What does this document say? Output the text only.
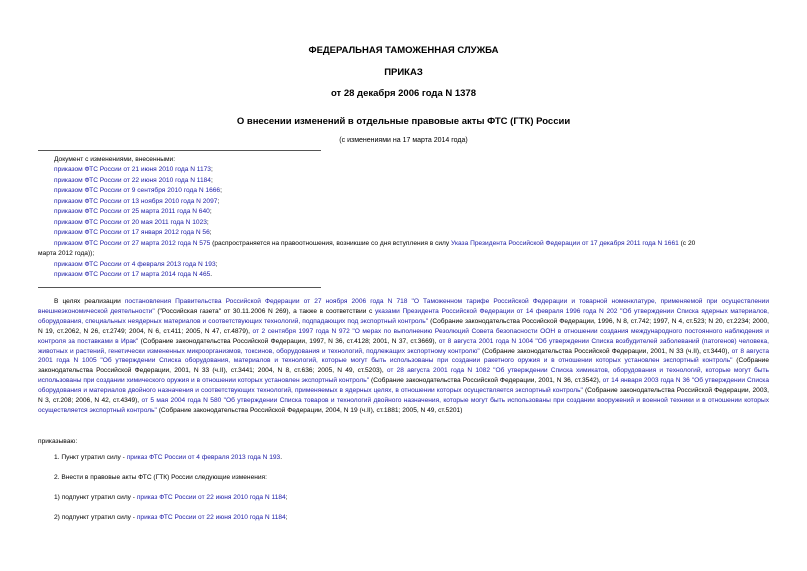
ФЕДЕРАЛЬНАЯ ТАМОЖЕННАЯ СЛУЖБА
ПРИКАЗ
от 28 декабря 2006 года N 1378
О внесении изменений в отдельные правовые акты ФТС (ГТК) России
(с изменениями на 17 марта 2014 года)
Документ с изменениями, внесенными:
приказом ФТС России от 21 июня 2010 года N 1173;
приказом ФТС России от 22 июня 2010 года N 1184;
приказом ФТС России от 9 сентября 2010 года N 1666;
приказом ФТС России от 13 ноября 2010 года N 2097;
приказом ФТС России от 25 марта 2011 года N 640;
приказом ФТС России от 20 мая 2011 года N 1023;
приказом ФТС России от 17 января 2012 года N 56;
приказом ФТС России от 27 марта 2012 года N 575 (распространяется на правоотношения, возникшие со дня вступления в силу Указа Президента Российской Федерации от 17 декабря 2011 года N 1661 (с 20
марта 2012 года));
приказом ФТС России от 4 февраля 2013 года N 193;
приказом ФТС России от 17 марта 2014 года N 465.

В целях реализации постановления Правительства Российской Федерации от 27 ноября 2006 года N 718 "О Таможенном тарифе Российской Федерации и товарной номенклатуре, применяемой при осуществлении внешнеэкономической деятельности" ("Российская газета" от 30.11.2006 N 269), а также в соответствии с указами Президента Российской Федерации от 14 февраля 1996 года N 202 "Об утверждении Списка ядерных материалов, оборудования, специальных неядерных материалов и соответствующих технологий, подпадающих под экспортный контроль" (Собрание законодательства Российской Федерации, 1996, N 8, ст.742; 1997, N 4, ст.523; N 20, ст.2234; 2000, N 19, ст.2062, N 26, ст.2749; 2004, N 6, ст.411; 2005, N 47, ст.4879), от 2 сентября 1997 года N 972 "О мерах по выполнению Резолюций Совета безопасности ООН в отношении создания международного постоянного наблюдения и контроля за поставками в Ирак" (Собрание законодательства Российской Федерации, 1997, N 36, ст.4128; 2001, N 37, ст.3669), от 8 августа 2001 года N 1004 "Об утверждении Списка возбудителей заболеваний (патогенов) человека, животных и растений, генетически измененных микроорганизмов, токсинов, оборудования и технологий, подлежащих экспортному контролю" (Собрание законодательства Российской Федерации, 2001, N 33 (ч.II), ст.3440), от 8 августа 2001 года N 1005 "Об утверждении Списка оборудования, материалов и технологий, которые могут быть использованы при создании ракетного оружия и в отношении которых установлен экспортный контроль" (Собрание законодательства Российской Федерации, 2001, N 33 (ч.II), ст.3441; 2004, N 8, ст.636; 2005, N 49, ст.5203), от 28 августа 2001 года N 1082 "Об утверждении Списка химикатов, оборудования и технологий, которые могут быть использованы при создании химического оружия и в отношении которых установлен экспортный контроль" (Собрание законодательства Российской Федерации, 2001, N 36, ст.3542), от 14 января 2003 года N 36 "Об утверждении Списка оборудования и материалов двойного назначения и соответствующих технологий, применяемых в ядерных целях, в отношении которых осуществляется экспортный контроль" (Собрание законодательства Российской Федерации, 2003, N 3, ст.208; 2006, N 42, ст.4349), от 5 мая 2004 года N 580 "Об утверждении Списка товаров и технологий двойного назначения, которые могут быть использованы при создании вооружений и военной техники и в отношении которых осуществляется экспортный контроль" (Собрание законодательства Российской Федерации, 2004, N 19 (ч.II), ст.1881; 2005, N 49, ст.5201)

приказываю:
1. Пункт утратил силу - приказ ФТС России от 4 февраля 2013 года N 193.
2. Внести в правовые акты ФТС (ГТК) России следующие изменения:
1) подпункт утратил силу - приказ ФТС России от 22 июня 2010 года N 1184;
2) подпункт утратил силу - приказ ФТС России от 22 июня 2010 года N 1184;
